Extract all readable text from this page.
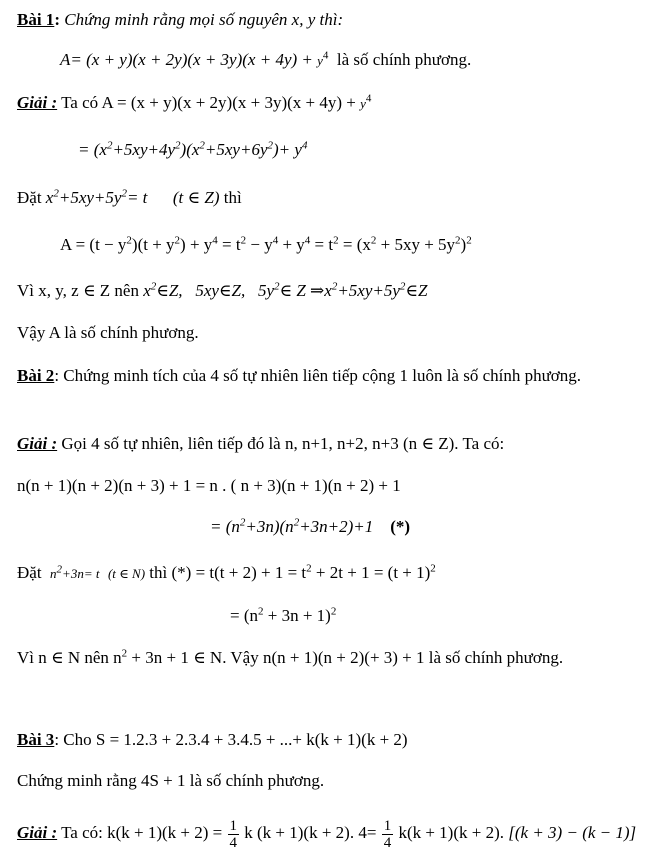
Bài 1: Chứng minh rằng mọi số nguyên x, y thì:
$A= (x + y)(x + 2y)(x + 3y)(x + 4y) + y^4$ là số chính phương.
Giải : Ta có $A = (x + y)(x + 2y)(x + 3y)(x + 4y) + y^4$
= $(x^2+5xy+4y^2)(x^2+5xy+6y^2)+ y^4$
Đặt $x^2+5xy+5y^2= t$ (t ∈ Z) thì
$A = (t - y^2)(t + y^2) + y^4 = t^2 - y^4 + y^4 = t^2 = (x^2 + 5xy + 5y^2)^2$
Vì x, y, z ∈ Z nên $x^2\in Z$, 5xy∈Z, $5y^2\in$ Z $\Rightarrow x^2+5xy+5y^2\in Z$
Vậy A là số chính phương.
Bài 2: Chứng minh tích của 4 số tự nhiên liên tiếp cộng 1 luôn là số chính phương.
Giải : Gọi 4 số tự nhiên, liên tiếp đó là n, n+1, n+2, n+3 (n ∈ Z). Ta có:
n(n + 1)(n + 2)(n + 3) + 1 = n . ( n + 3)(n + 1)(n + 2) + 1
= $(n^2+3n)(n^2+3n+2)+1$ (*)
Đặt $n^2+3n= t$ (t ∈ N) thì (*) = $t(t + 2) + 1 = t^2 + 2t + 1 = (t + 1)^2$
= $(n^2 + 3n + 1)^2$
Vì n ∈ N nên $n^2 + 3n + 1$ ∈ N. Vậy n(n + 1)(n + 2)(+ 3) + 1 là số chính phương.
Bài 3: Cho S = 1.2.3 + 2.3.4 + 3.4.5 + ...+ k(k + 1)(k + 2)
Chứng minh rằng 4S + 1 là số chính phương.
Giải : Ta có: $k(k + 1)(k + 2) = \frac{1}{4}$ k (k + 1)(k + 2). $4= \frac{1}{4} k(k + 1)(k + 2)$. [(k + 3) − (k − 1)]
